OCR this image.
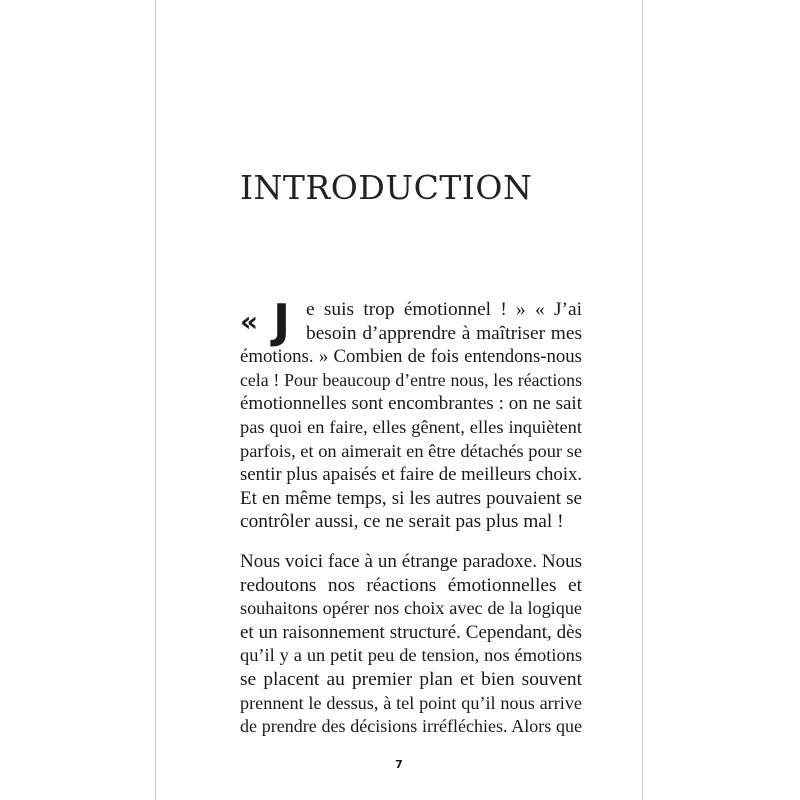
INTRODUCTION
« J e suis trop émotionnel ! » « J’ai
besoin d’apprendre à maîtriser mes
émotions. » Combien de fois entendons-nous
cela ! Pour beaucoup d’entre nous, les réactions
émotionnelles sont encombrantes : on ne sait
pas quoi en faire, elles gênent, elles inquiètent
parfois, et on aimerait en être détachés pour se
sentir plus apaisés et faire de meilleurs choix.
Et en même temps, si les autres pouvaient se
contrôler aussi, ce ne serait pas plus mal !
Nous voici face à un étrange paradoxe. Nous
redoutons nos réactions émotionnelles et
souhaitons opérer nos choix avec de la logique
et un raisonnement structuré. Cependant, dès
qu’il y a un petit peu de tension, nos émotions
se placent au premier plan et bien souvent
prennent le dessus, à tel point qu’il nous arrive
de prendre des décisions irréfléchies. Alors que
7
